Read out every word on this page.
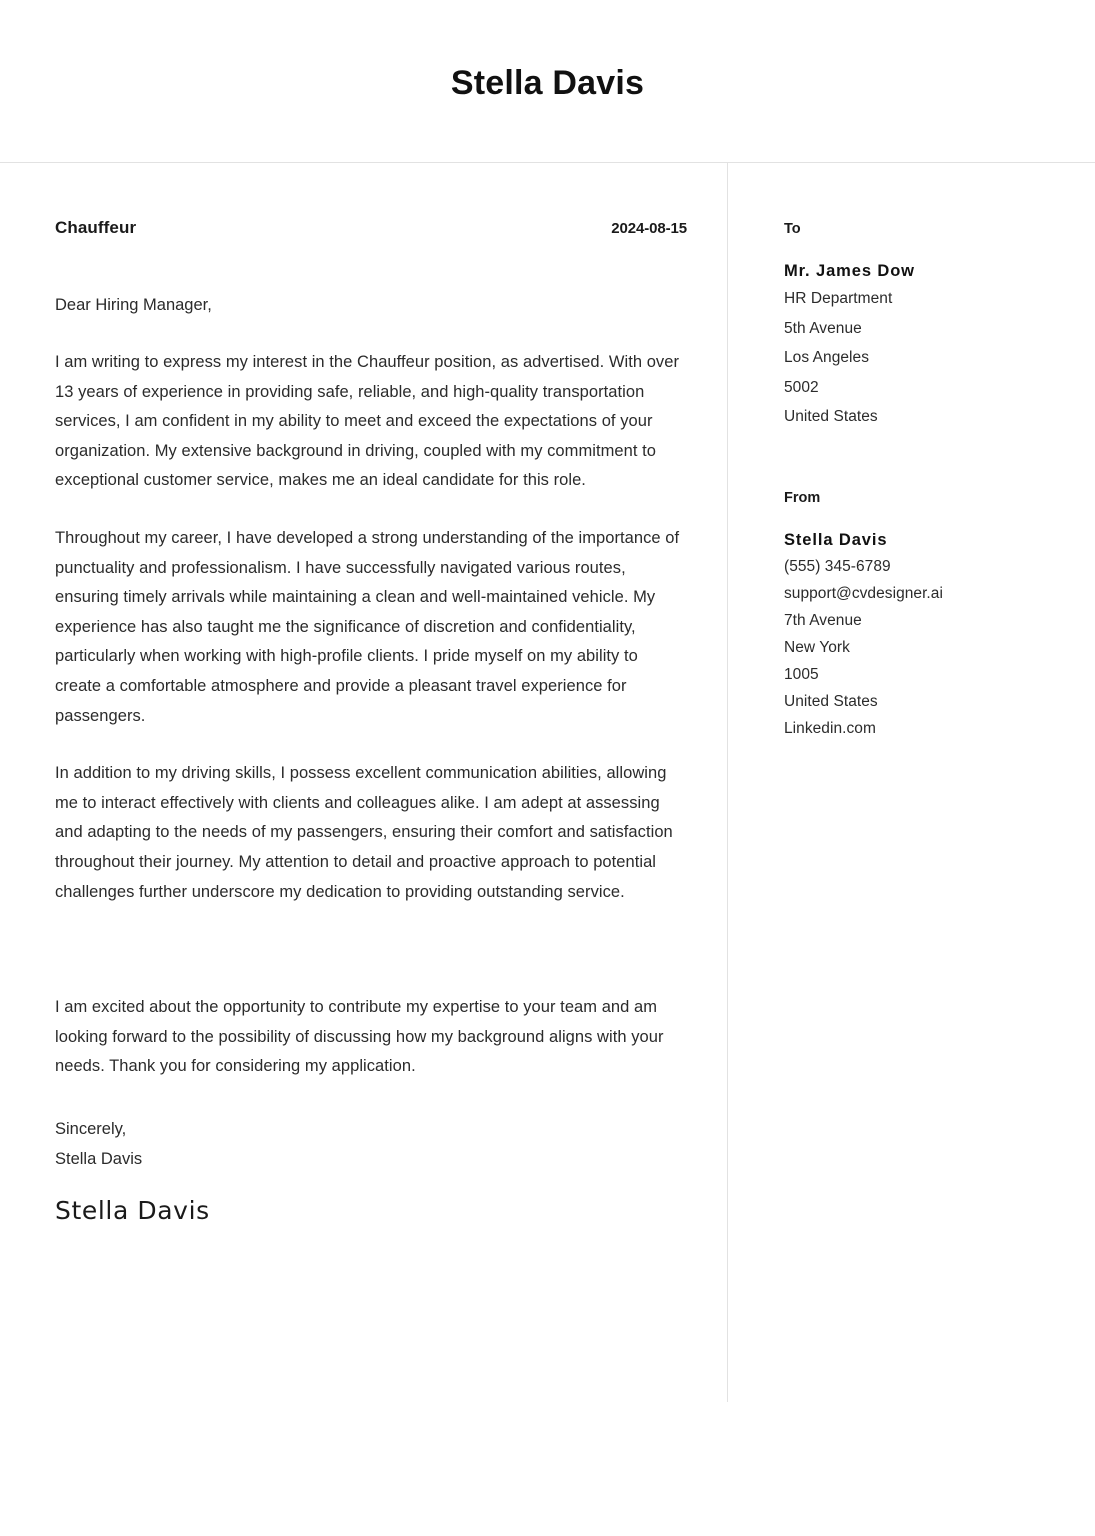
Stella Davis
Chauffeur	2024-08-15
Dear Hiring Manager,

I am writing to express my interest in the Chauffeur position, as advertised. With over 13 years of experience in providing safe, reliable, and high-quality transportation services, I am confident in my ability to meet and exceed the expectations of your organization. My extensive background in driving, coupled with my commitment to exceptional customer service, makes me an ideal candidate for this role.

Throughout my career, I have developed a strong understanding of the importance of punctuality and professionalism. I have successfully navigated various routes, ensuring timely arrivals while maintaining a clean and well-maintained vehicle. My experience has also taught me the significance of discretion and confidentiality, particularly when working with high-profile clients. I pride myself on my ability to create a comfortable atmosphere and provide a pleasant travel experience for passengers.

In addition to my driving skills, I possess excellent communication abilities, allowing me to interact effectively with clients and colleagues alike. I am adept at assessing and adapting to the needs of my passengers, ensuring their comfort and satisfaction throughout their journey. My attention to detail and proactive approach to potential challenges further underscore my dedication to providing outstanding service.

I am excited about the opportunity to contribute my expertise to your team and am looking forward to the possibility of discussing how my background aligns with your needs. Thank you for considering my application.

Sincerely,
Stella Davis
Stella Davis
To
Mr. James Dow
HR Department
5th Avenue
Los Angeles
5002
United States
From
Stella Davis
(555) 345-6789
support@cvdesigner.ai
7th Avenue
New York
1005
United States
Linkedin.com
